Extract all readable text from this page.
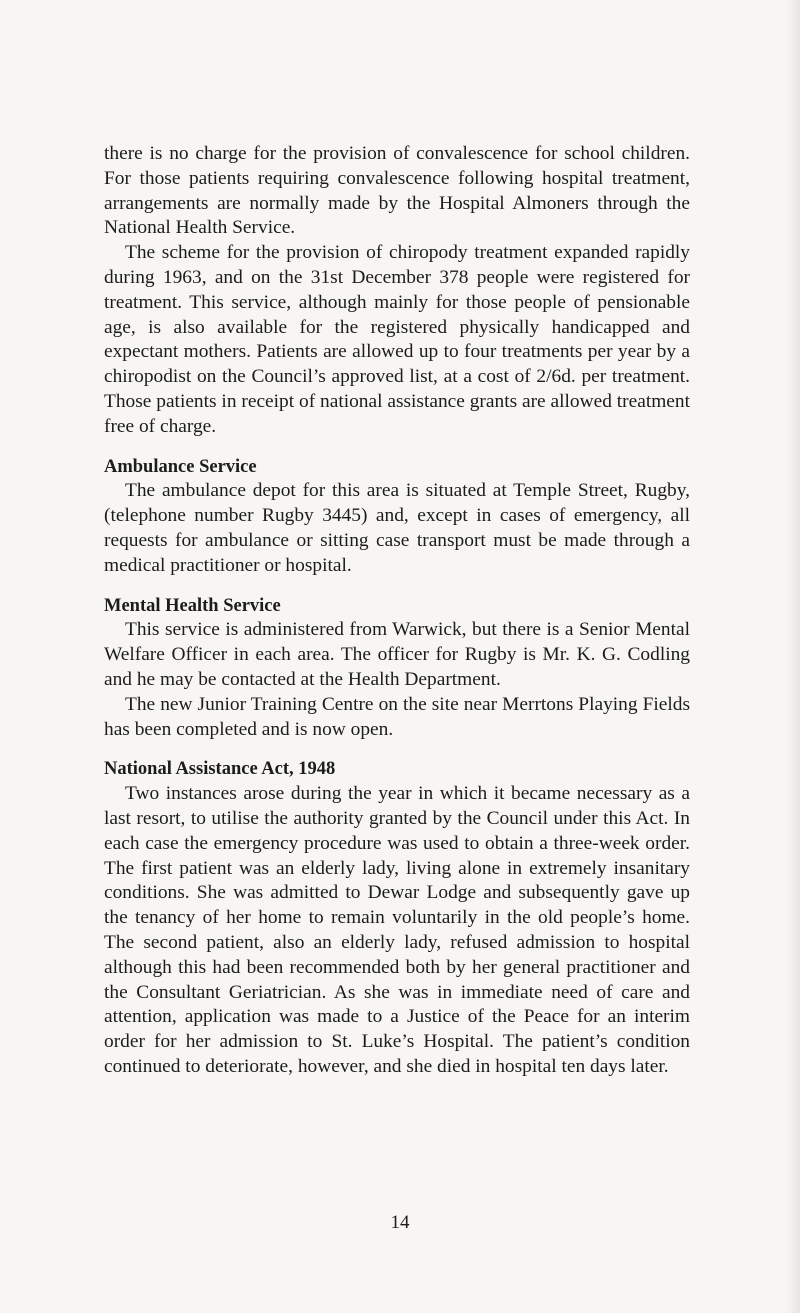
there is no charge for the provision of convalescence for school children. For those patients requiring convalescence following hospital treatment, arrangements are normally made by the Hospital Almoners through the National Health Service.

The scheme for the provision of chiropody treatment expanded rapidly during 1963, and on the 31st December 378 people were registered for treatment. This service, although mainly for those people of pensionable age, is also available for the registered physically handicapped and expectant mothers. Patients are allowed up to four treatments per year by a chiropodist on the Council’s approved list, at a cost of 2/6d. per treatment. Those patients in receipt of national assistance grants are allowed treatment free of charge.

Ambulance Service

The ambulance depot for this area is situated at Temple Street, Rugby, (telephone number Rugby 3445) and, except in cases of emergency, all requests for ambulance or sitting case transport must be made through a medical practitioner or hospital.

Mental Health Service

This service is administered from Warwick, but there is a Senior Mental Welfare Officer in each area. The officer for Rugby is Mr. K. G. Codling and he may be contacted at the Health Department.

The new Junior Training Centre on the site near Merrtons Playing Fields has been completed and is now open.

National Assistance Act, 1948

Two instances arose during the year in which it became necessary as a last resort, to utilise the authority granted by the Council under this Act. In each case the emergency procedure was used to obtain a three-week order. The first patient was an elderly lady, living alone in extremely insanitary conditions. She was admitted to Dewar Lodge and subsequently gave up the tenancy of her home to remain voluntarily in the old people’s home. The second patient, also an elderly lady, refused admission to hospital although this had been recommended both by her general practitioner and the Consultant Geriatrician. As she was in immediate need of care and attention, application was made to a Justice of the Peace for an interim order for her admission to St. Luke’s Hospital. The patient’s condition continued to deteriorate, however, and she died in hospital ten days later.

14
